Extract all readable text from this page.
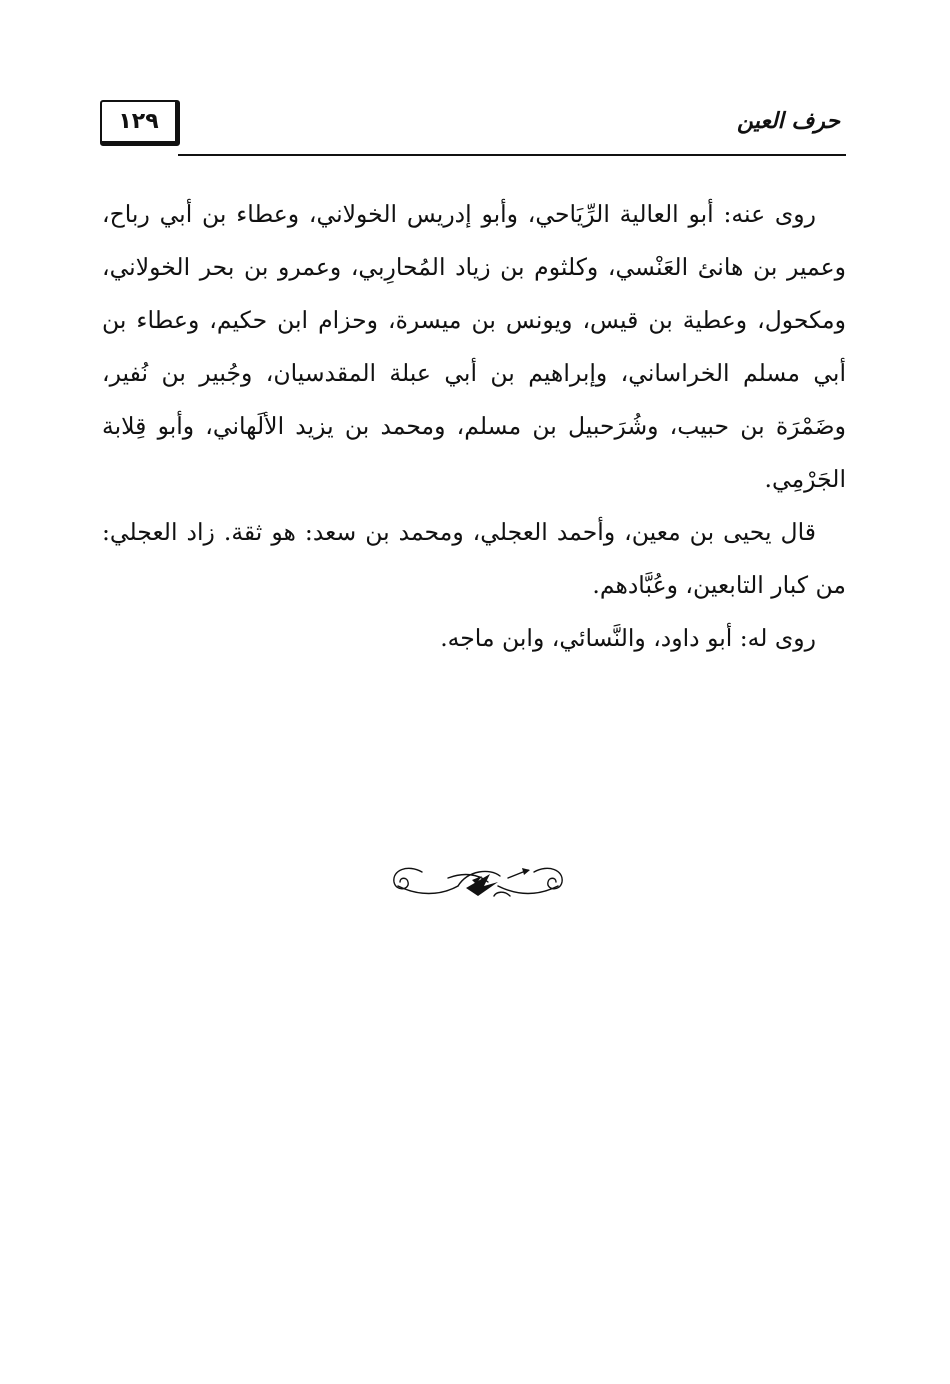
١٢٩	حرف العين

روى عنه: أبو العالية الرِّيَاحي، وأبو إدريس الخولاني، وعطاء بن أبي رباح، وعمير بن هانئ العَنْسي، وكلثوم بن زياد المُحارِبي، وعمرو بن بحر الخولاني، ومكحول، وعطية بن قيس، ويونس بن ميسرة، وحزام ابن حكيم، وعطاء بن أبي مسلم الخراساني، وإبراهيم بن أبي عبلة المقدسيان، وجُبير بن نُفير، وضَمْرَة بن حبيب، وشُرَحبيل بن مسلم، ومحمد بن يزيد الألَهاني، وأبو قِلابة الجَرْمِي.

قال يحيى بن معين، وأحمد العجلي، ومحمد بن سعد: هو ثقة. زاد العجلي: من كبار التابعين، وعُبَّادهم.

روى له: أبو داود، والنَّسائي، وابن ماجه.
